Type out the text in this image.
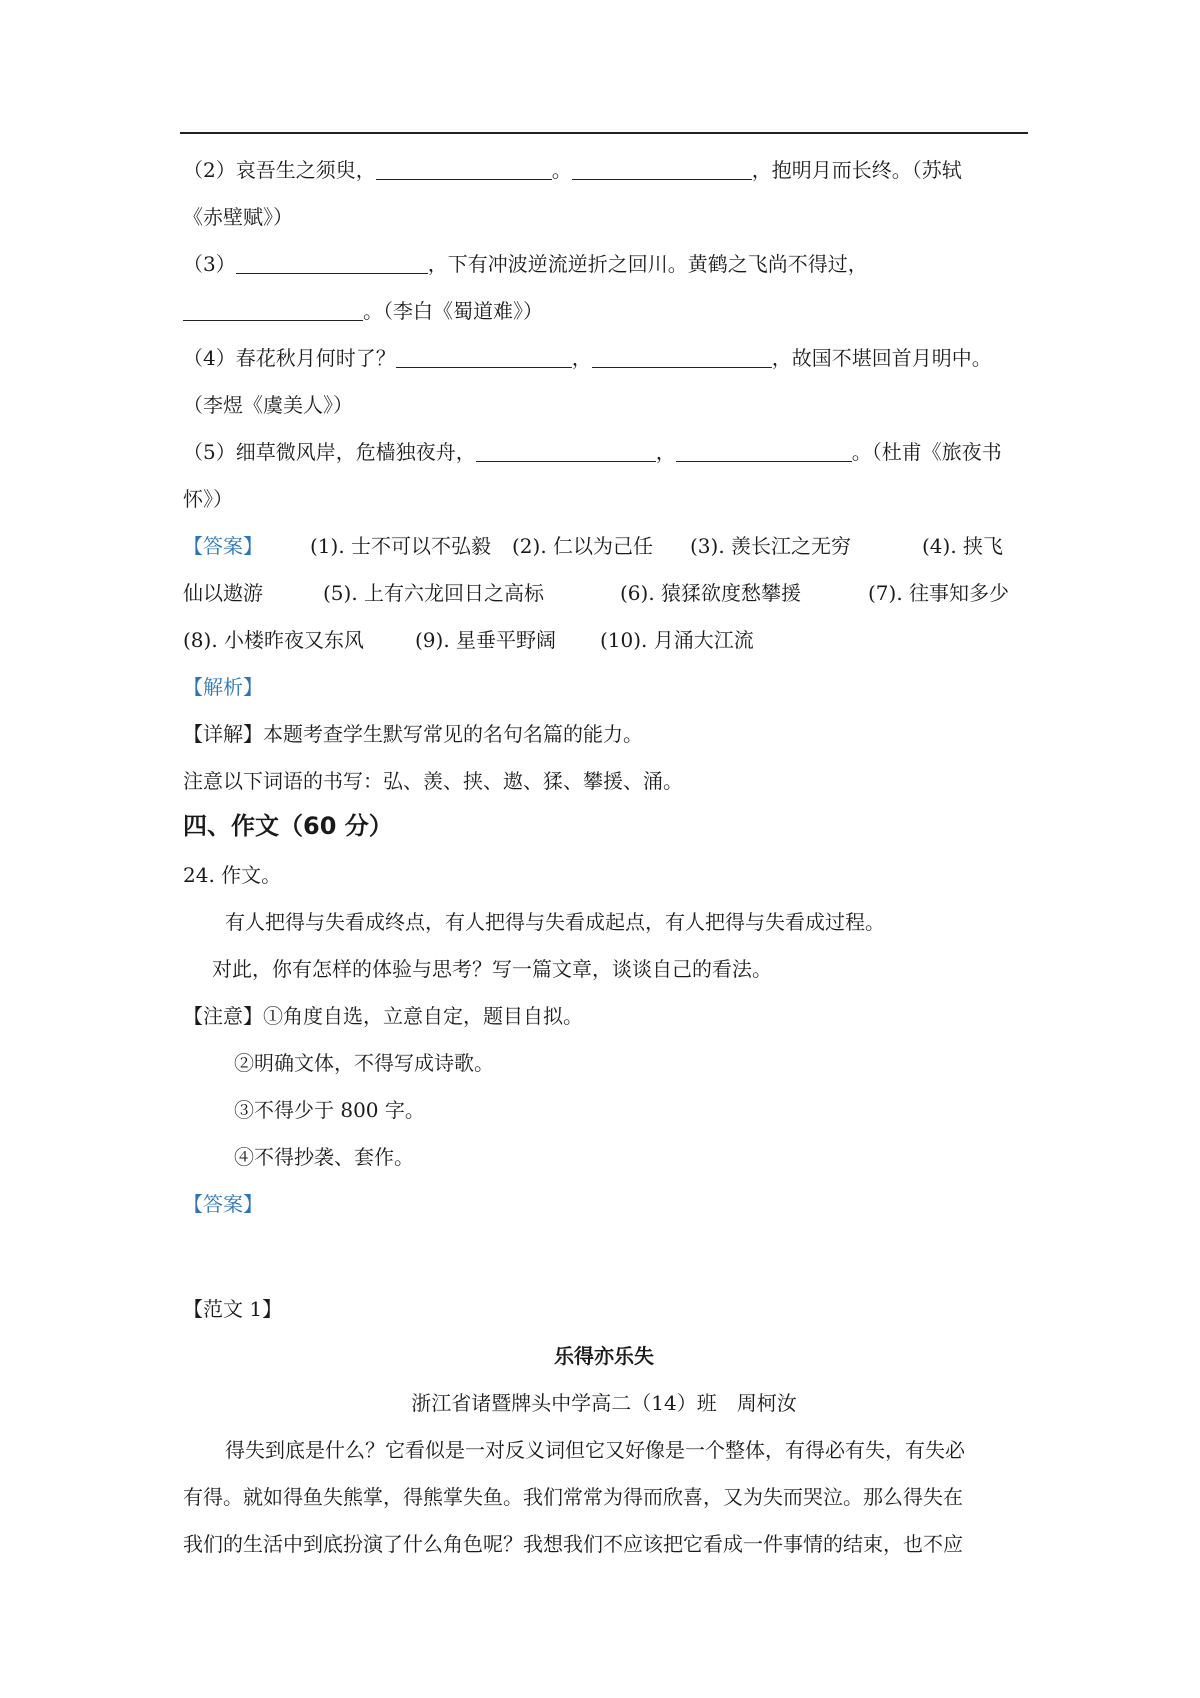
（2）哀吾生之须臾，	。	，抱明月而长终。（苏轼
《赤壁赋》）
（3）	，下有冲波逆流逆折之回川。黄鹤之飞尚不得过，
。（李白《蜀道难》）
（4）春花秋月何时了？	，	，故国不堪回首月明中。
（李煜《虞美人》）
（5）细草微风岸，危樯独夜舟，	，	。（杜甫《旅夜书
怀》）
【答案】 (1). 士不可以不弘毅 (2). 仁以为己任 (3). 羡长江之无穷	(4). 挟飞
仙以遨游	(5). 上有六龙回日之高标	(6). 猿猱欲度愁攀援	(7). 往事知多少
(8). 小楼昨夜又东风	(9). 星垂平野阔 (10). 月涌大江流
【解析】
【详解】本题考查学生默写常见的名句名篇的能力。
注意以下词语的书写：弘、羡、挟、遨、猱、攀援、涌。
四、作文（60 分）
24. 作文。
有人把得与失看成终点，有人把得与失看成起点，有人把得与失看成过程。
对此，你有怎样的体验与思考？写一篇文章，谈谈自己的看法。
【注意】①角度自选，立意自定，题目自拟。
②明确文体，不得写成诗歌。
③不得少于 800 字。
④不得抄袭、套作。
【答案】
【范文 1】
乐得亦乐失
浙江省诸暨牌头中学高二（14）班　周柯汝
得失到底是什么？它看似是一对反义词但它又好像是一个整体，有得必有失，有失必
有得。就如得鱼失熊掌，得熊掌失鱼。我们常常为得而欣喜，又为失而哭泣。那么得失在
我们的生活中到底扮演了什么角色呢？我想我们不应该把它看成一件事情的结束，也不应
